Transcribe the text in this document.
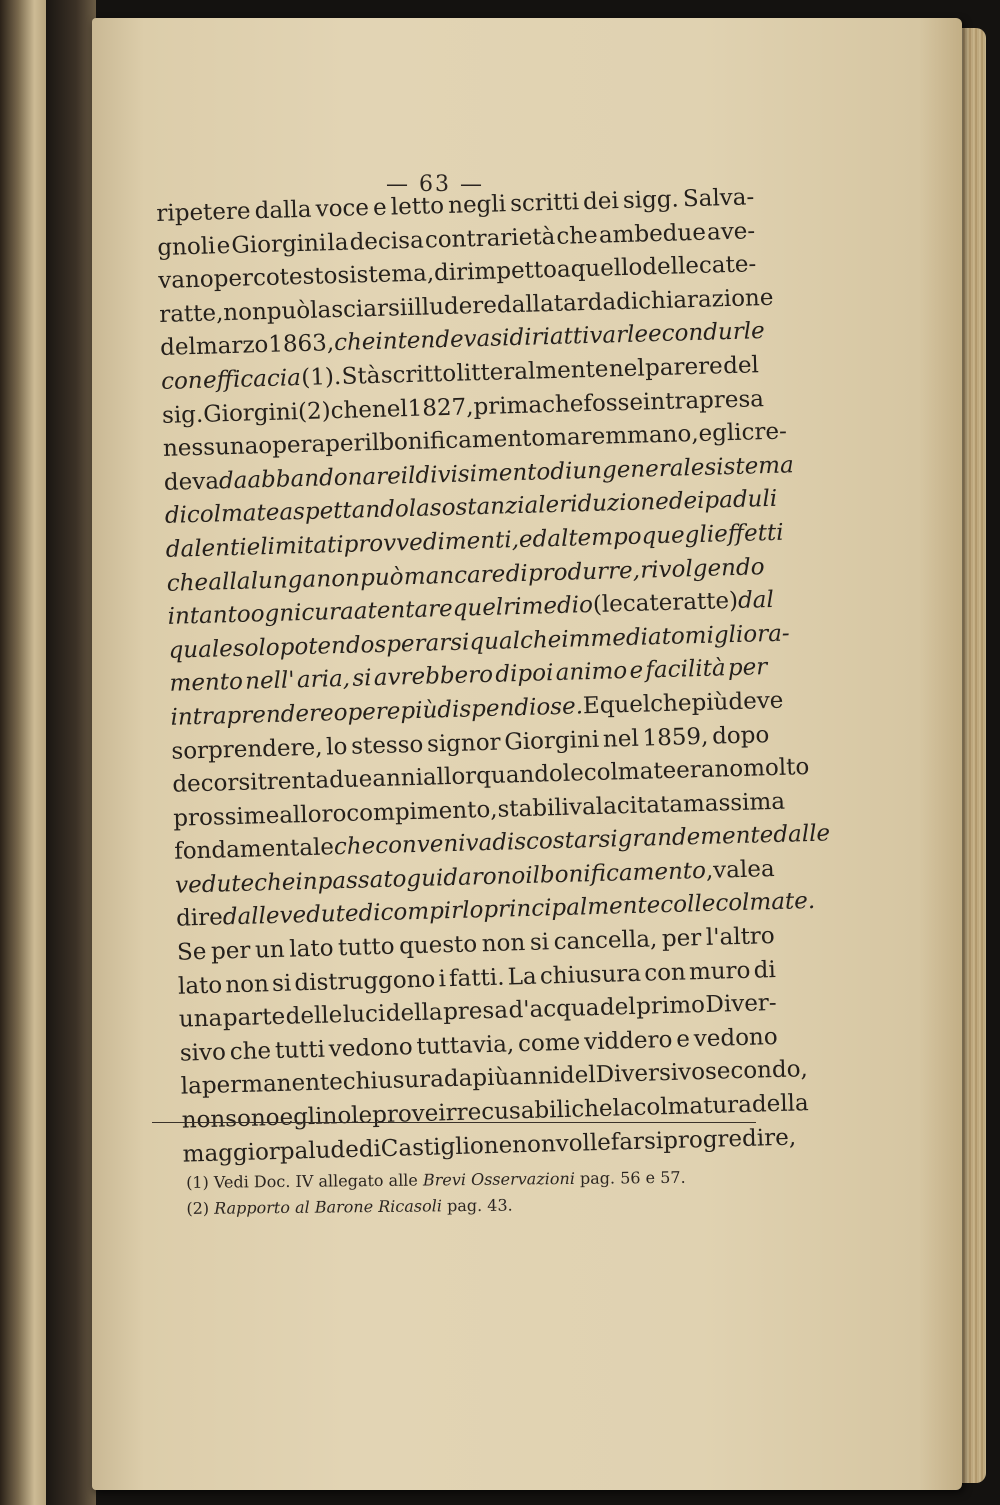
— 63 —
ripetere dalla voce e letto negli scritti dei sigg. Salva-
gnoli e Giorgini la decisa contrarietà che ambedue ave-
vano per cotesto sistema, dirimpetto a quello delle cate-
ratte, non può lasciarsi illudere dalla tarda dichiarazione
del marzo 1863, che intendevasi di riattivarle e condurle
con efficacia (1). Stà scritto litteralmente nel parere del
sig. Giorgini (2) che nel 1827, prima che fosse intrapresa
nessuna opera per il bonificamento maremmano, egli cre-
deva da abbandonare il divisimento di un generale sistema
di colmate aspettando la sostanziale riduzione dei paduli
da lenti e limitati provvedimenti, e dal tempo quegli effetti
che alla lunga non può mancare di produrre, rivolgendo
intanto ogni cura a tentare quel rimedio (le cateratte) dal
quale solo potendo sperarsi qualche immediato migliora-
mento nell' aria, si avrebbero dipoi animo e facilità per
intraprendere opere più dispendiose. E quel che più deve
sorprendere, lo stesso signor Giorgini nel 1859, dopo
decorsi trentadue anni allorquando le colmate erano molto
prossime al loro compimento, stabiliva la citata massima
fondamentale che conveniva discostarsi grandemente dalle
vedute che in passato guidarono il bonificamento , vale a
dire dalle vedute di compirlo principalmente colle colmate.
Se per un lato tutto questo non si cancella, per l'altro
lato non si distruggono i fatti. La chiusura con muro di
una parte delle luci della presa d'acqua del primo Diver-
sivo che tutti vedono tuttavia, come viddero e vedono
la permanente chiusura da più anni del Diversivo secondo,
non sono eglino le prove irrecusabili che la colmatura della
maggior palude di Castiglione non volle farsi progredire,
(1) Vedi Doc. IV allegato alle Brevi Osservazioni pag. 56 e 57.
(2) Rapporto al Barone Ricasoli pag. 43.
